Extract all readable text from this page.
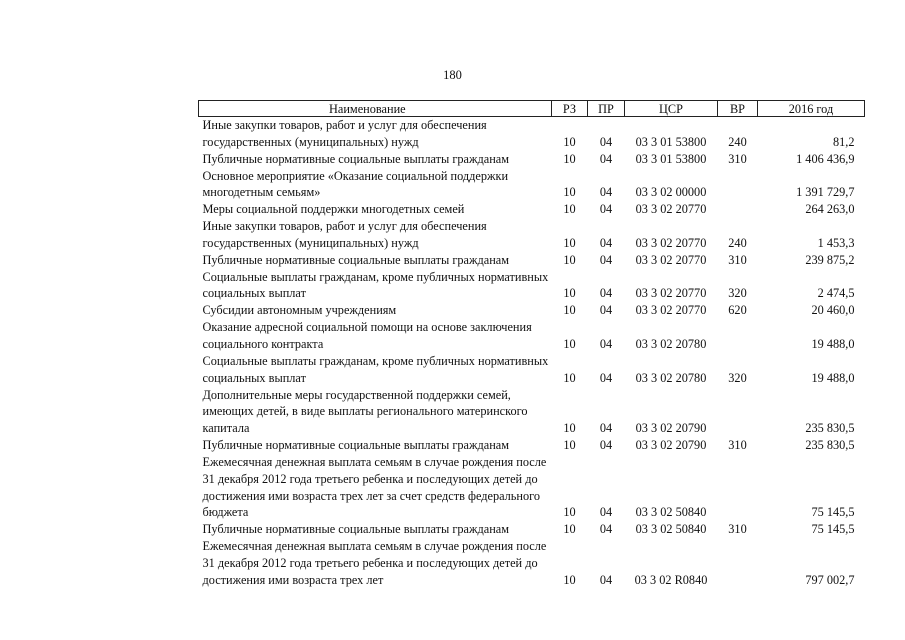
180
Наименование	РЗ	ПР	ЦСР	ВР	2016 год
Иные закупки товаров, работ и услуг для обеспечения государственных (муниципальных) нужд	10	04	03 3 01 53800	240	81,2
Публичные нормативные социальные выплаты гражданам	10	04	03 3 01 53800	310	1 406 436,9
Основное мероприятие «Оказание социальной поддержки многодетным семьям»	10	04	03 3 02 00000		1 391 729,7
Меры социальной поддержки многодетных семей	10	04	03 3 02 20770		264 263,0
Иные закупки товаров, работ и услуг для обеспечения государственных (муниципальных) нужд	10	04	03 3 02 20770	240	1 453,3
Публичные нормативные социальные выплаты гражданам	10	04	03 3 02 20770	310	239 875,2
Социальные выплаты гражданам, кроме публичных нормативных социальных выплат	10	04	03 3 02 20770	320	2 474,5
Субсидии автономным учреждениям	10	04	03 3 02 20770	620	20 460,0
Оказание адресной социальной помощи на основе заключения социального контракта	10	04	03 3 02 20780		19 488,0
Социальные выплаты гражданам, кроме публичных нормативных социальных выплат	10	04	03 3 02 20780	320	19 488,0
Дополнительные меры государственной поддержки семей, имеющих детей, в виде выплаты регионального материнского капитала	10	04	03 3 02 20790		235 830,5
Публичные нормативные социальные выплаты гражданам	10	04	03 3 02 20790	310	235 830,5
Ежемесячная денежная выплата семьям в случае рождения после 31 декабря 2012 года третьего ребенка и последующих детей до достижения ими возраста трех лет за счет средств федерального бюджета	10	04	03 3 02 50840		75 145,5
Публичные нормативные социальные выплаты гражданам	10	04	03 3 02 50840	310	75 145,5
Ежемесячная денежная выплата семьям в случае рождения после 31 декабря 2012 года третьего ребенка и последующих детей до достижения ими возраста трех лет	10	04	03 3 02 R0840		797 002,7
